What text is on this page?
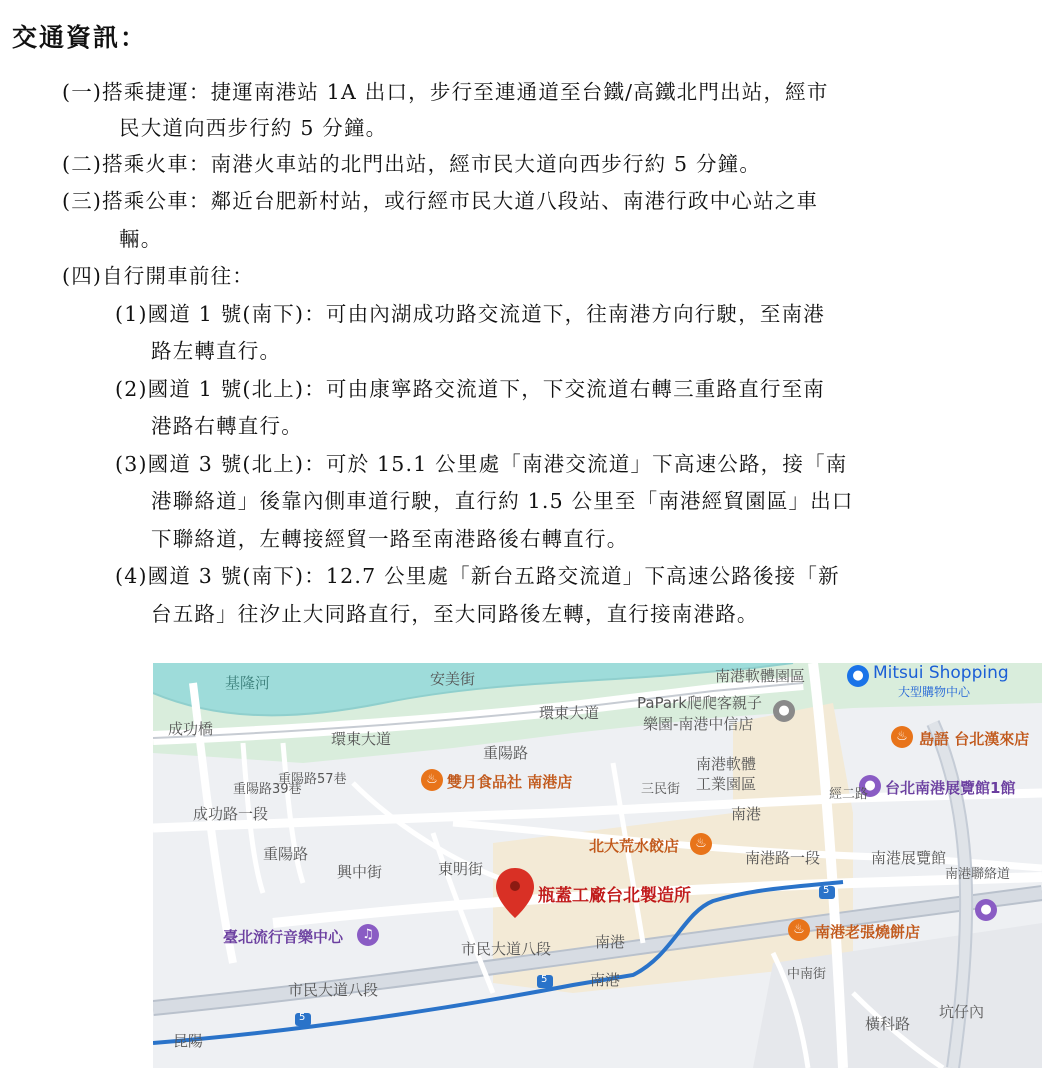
交通資訊：
(一)搭乘捷運：捷運南港站 1A 出口，步行至連通道至台鐵/高鐵北門出站，經市
民大道向西步行約 5 分鐘。
(二)搭乘火車：南港火車站的北門出站，經市民大道向西步行約 5 分鐘。
(三)搭乘公車：鄰近台肥新村站，或行經市民大道八段站、南港行政中心站之車
輛。
(四)自行開車前往：
(1)國道 1 號(南下)：可由內湖成功路交流道下，往南港方向行駛，至南港
路左轉直行。
(2)國道 1 號(北上)：可由康寧路交流道下，下交流道右轉三重路直行至南
港路右轉直行。
(3)國道 3 號(北上)：可於 15.1 公里處「南港交流道」下高速公路，接「南
港聯絡道」後靠內側車道行駛，直行約 1.5 公里至「南港經貿園區」出口
下聯絡道，左轉接經貿一路至南港路後右轉直行。
(4)國道 3 號(南下)：12.7 公里處「新台五路交流道」下高速公路後接「新
台五路」往汐止大同路直行，至大同路後左轉，直行接南港路。
基隆河	安美街	南港軟體園區	● Mitsui Shopping
大型購物中心
PaPark爬爬客親子
樂園-南港中信店
●
環東大道
環東大道
成功橋
成功路一段
重陽路39巷
重陽路57巷
重陽路
重陽路
♨ 雙月食品社 南港店
♨ 島語 台北漢來店
南港軟體
工業園區
南港
三民街	● 台北南港展覽館1館
經二路
北大荒水餃店	♨
南港路一段	南港展覽館
興中街	東明街
瓶蓋工廠台北製造所
臺北流行音樂中心	♫
市民大道八段
市民大道八段
南港
南港
♨ 南港老張燒餅店
南港聯絡道
●
中南街
橫科路
坑仔內
昆陽
5
5
5
